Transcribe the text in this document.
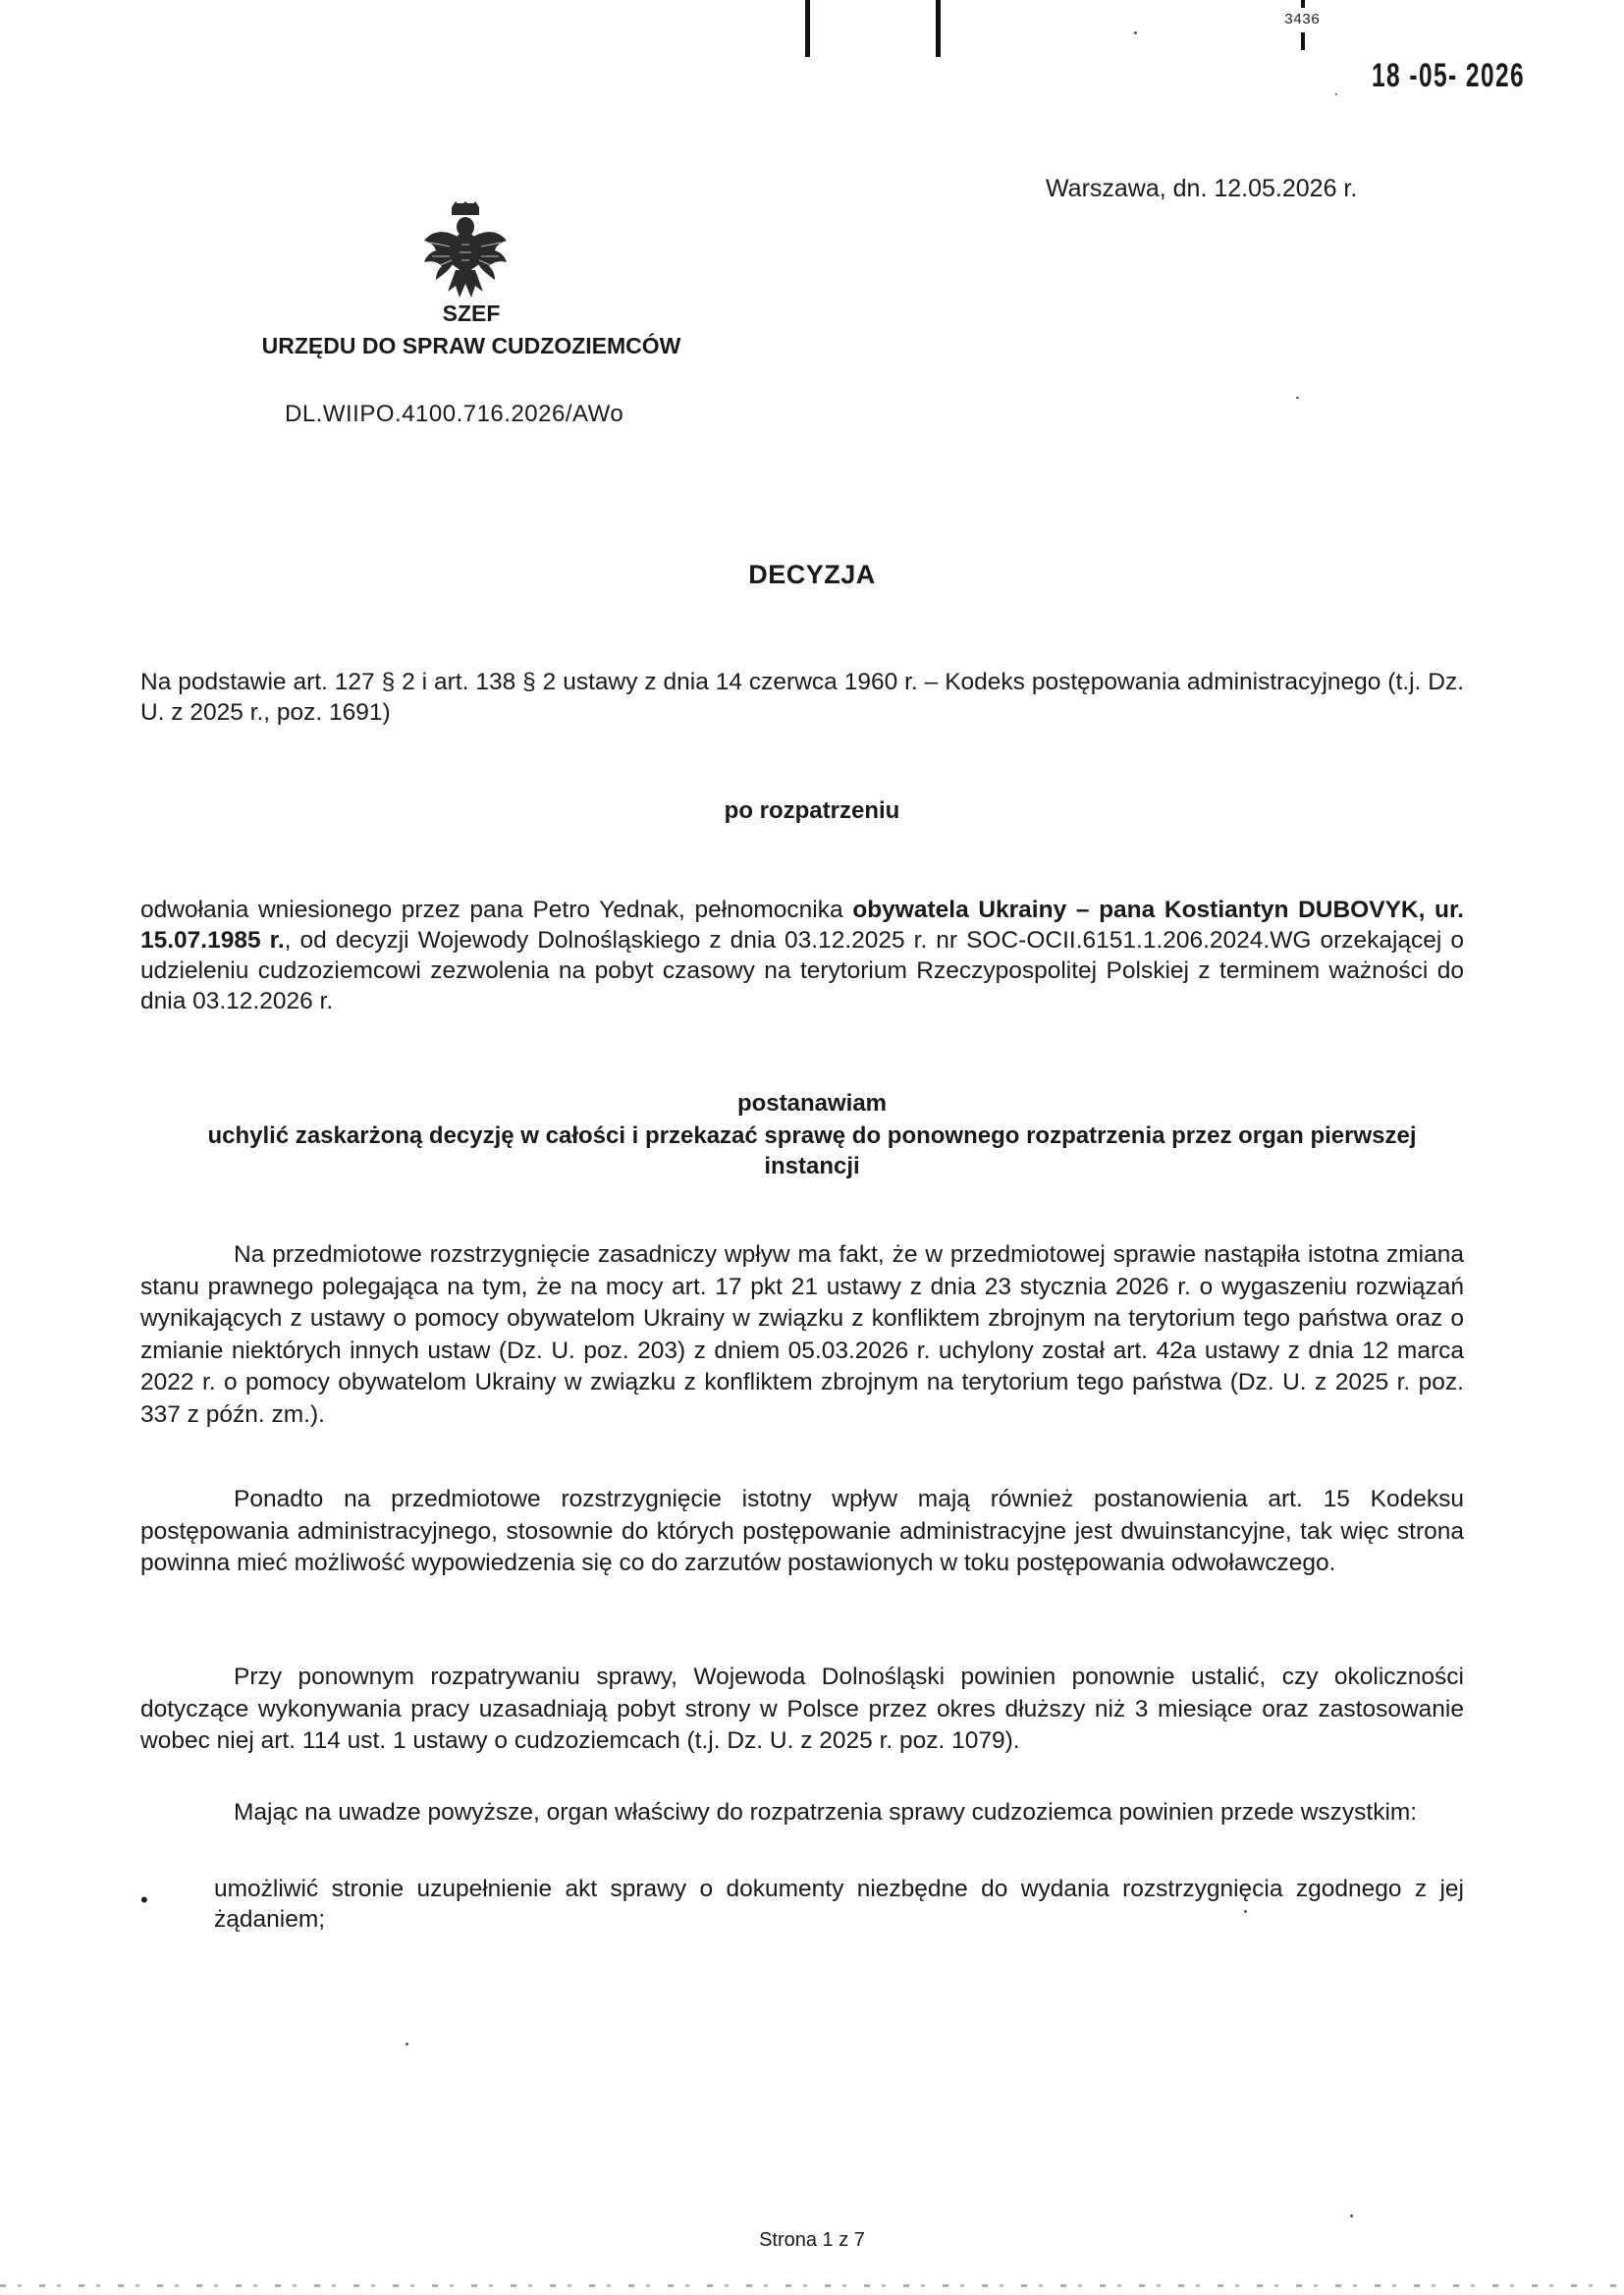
3436
18 -05- 2026
Warszawa, dn. 12.05.2026 r.
SZEF
URZĘDU DO SPRAW CUDZOZIEMCÓW
DL.WIIPO.4100.716.2026/AWo
DECYZJA
Na podstawie art. 127 § 2 i art. 138 § 2 ustawy z dnia 14 czerwca 1960 r. – Kodeks postępowania administracyjnego (t.j. Dz. U. z 2025 r., poz. 1691)
po rozpatrzeniu
odwołania wniesionego przez pana Petro Yednak, pełnomocnika obywatela Ukrainy – pana Kostiantyn DUBOVYK, ur. 15.07.1985 r., od decyzji Wojewody Dolnośląskiego z dnia 03.12.2025 r. nr SOC-OCII.6151.1.206.2024.WG orzekającej o udzieleniu cudzoziemcowi zezwolenia na pobyt czasowy na terytorium Rzeczypospolitej Polskiej z terminem ważności do dnia 03.12.2026 r.
postanawiam
uchylić zaskarżoną decyzję w całości i przekazać sprawę do ponownego rozpatrzenia przez organ pierwszej instancji
Na przedmiotowe rozstrzygnięcie zasadniczy wpływ ma fakt, że w przedmiotowej sprawie nastąpiła istotna zmiana stanu prawnego polegająca na tym, że na mocy art. 17 pkt 21 ustawy z dnia 23 stycznia 2026 r. o wygaszeniu rozwiązań wynikających z ustawy o pomocy obywatelom Ukrainy w związku z konfliktem zbrojnym na terytorium tego państwa oraz o zmianie niektórych innych ustaw (Dz. U. poz. 203) z dniem 05.03.2026 r. uchylony został art. 42a ustawy z dnia 12 marca 2022 r. o pomocy obywatelom Ukrainy w związku z konfliktem zbrojnym na terytorium tego państwa (Dz. U. z 2025 r. poz. 337 z późn. zm.).
Ponadto na przedmiotowe rozstrzygnięcie istotny wpływ mają również postanowienia art. 15 Kodeksu postępowania administracyjnego, stosownie do których postępowanie administracyjne jest dwuinstancyjne, tak więc strona powinna mieć możliwość wypowiedzenia się co do zarzutów postawionych w toku postępowania odwoławczego.
Przy ponownym rozpatrywaniu sprawy, Wojewoda Dolnośląski powinien ponownie ustalić, czy okoliczności dotyczące wykonywania pracy uzasadniają pobyt strony w Polsce przez okres dłuższy niż 3 miesiące oraz zastosowanie wobec niej art. 114 ust. 1 ustawy o cudzoziemcach (t.j. Dz. U. z 2025 r. poz. 1079).
Mając na uwadze powyższe, organ właściwy do rozpatrzenia sprawy cudzoziemca powinien przede wszystkim:
•	umożliwić stronie uzupełnienie akt sprawy o dokumenty niezbędne do wydania rozstrzygnięcia zgodnego z jej żądaniem;
Strona 1 z 7
